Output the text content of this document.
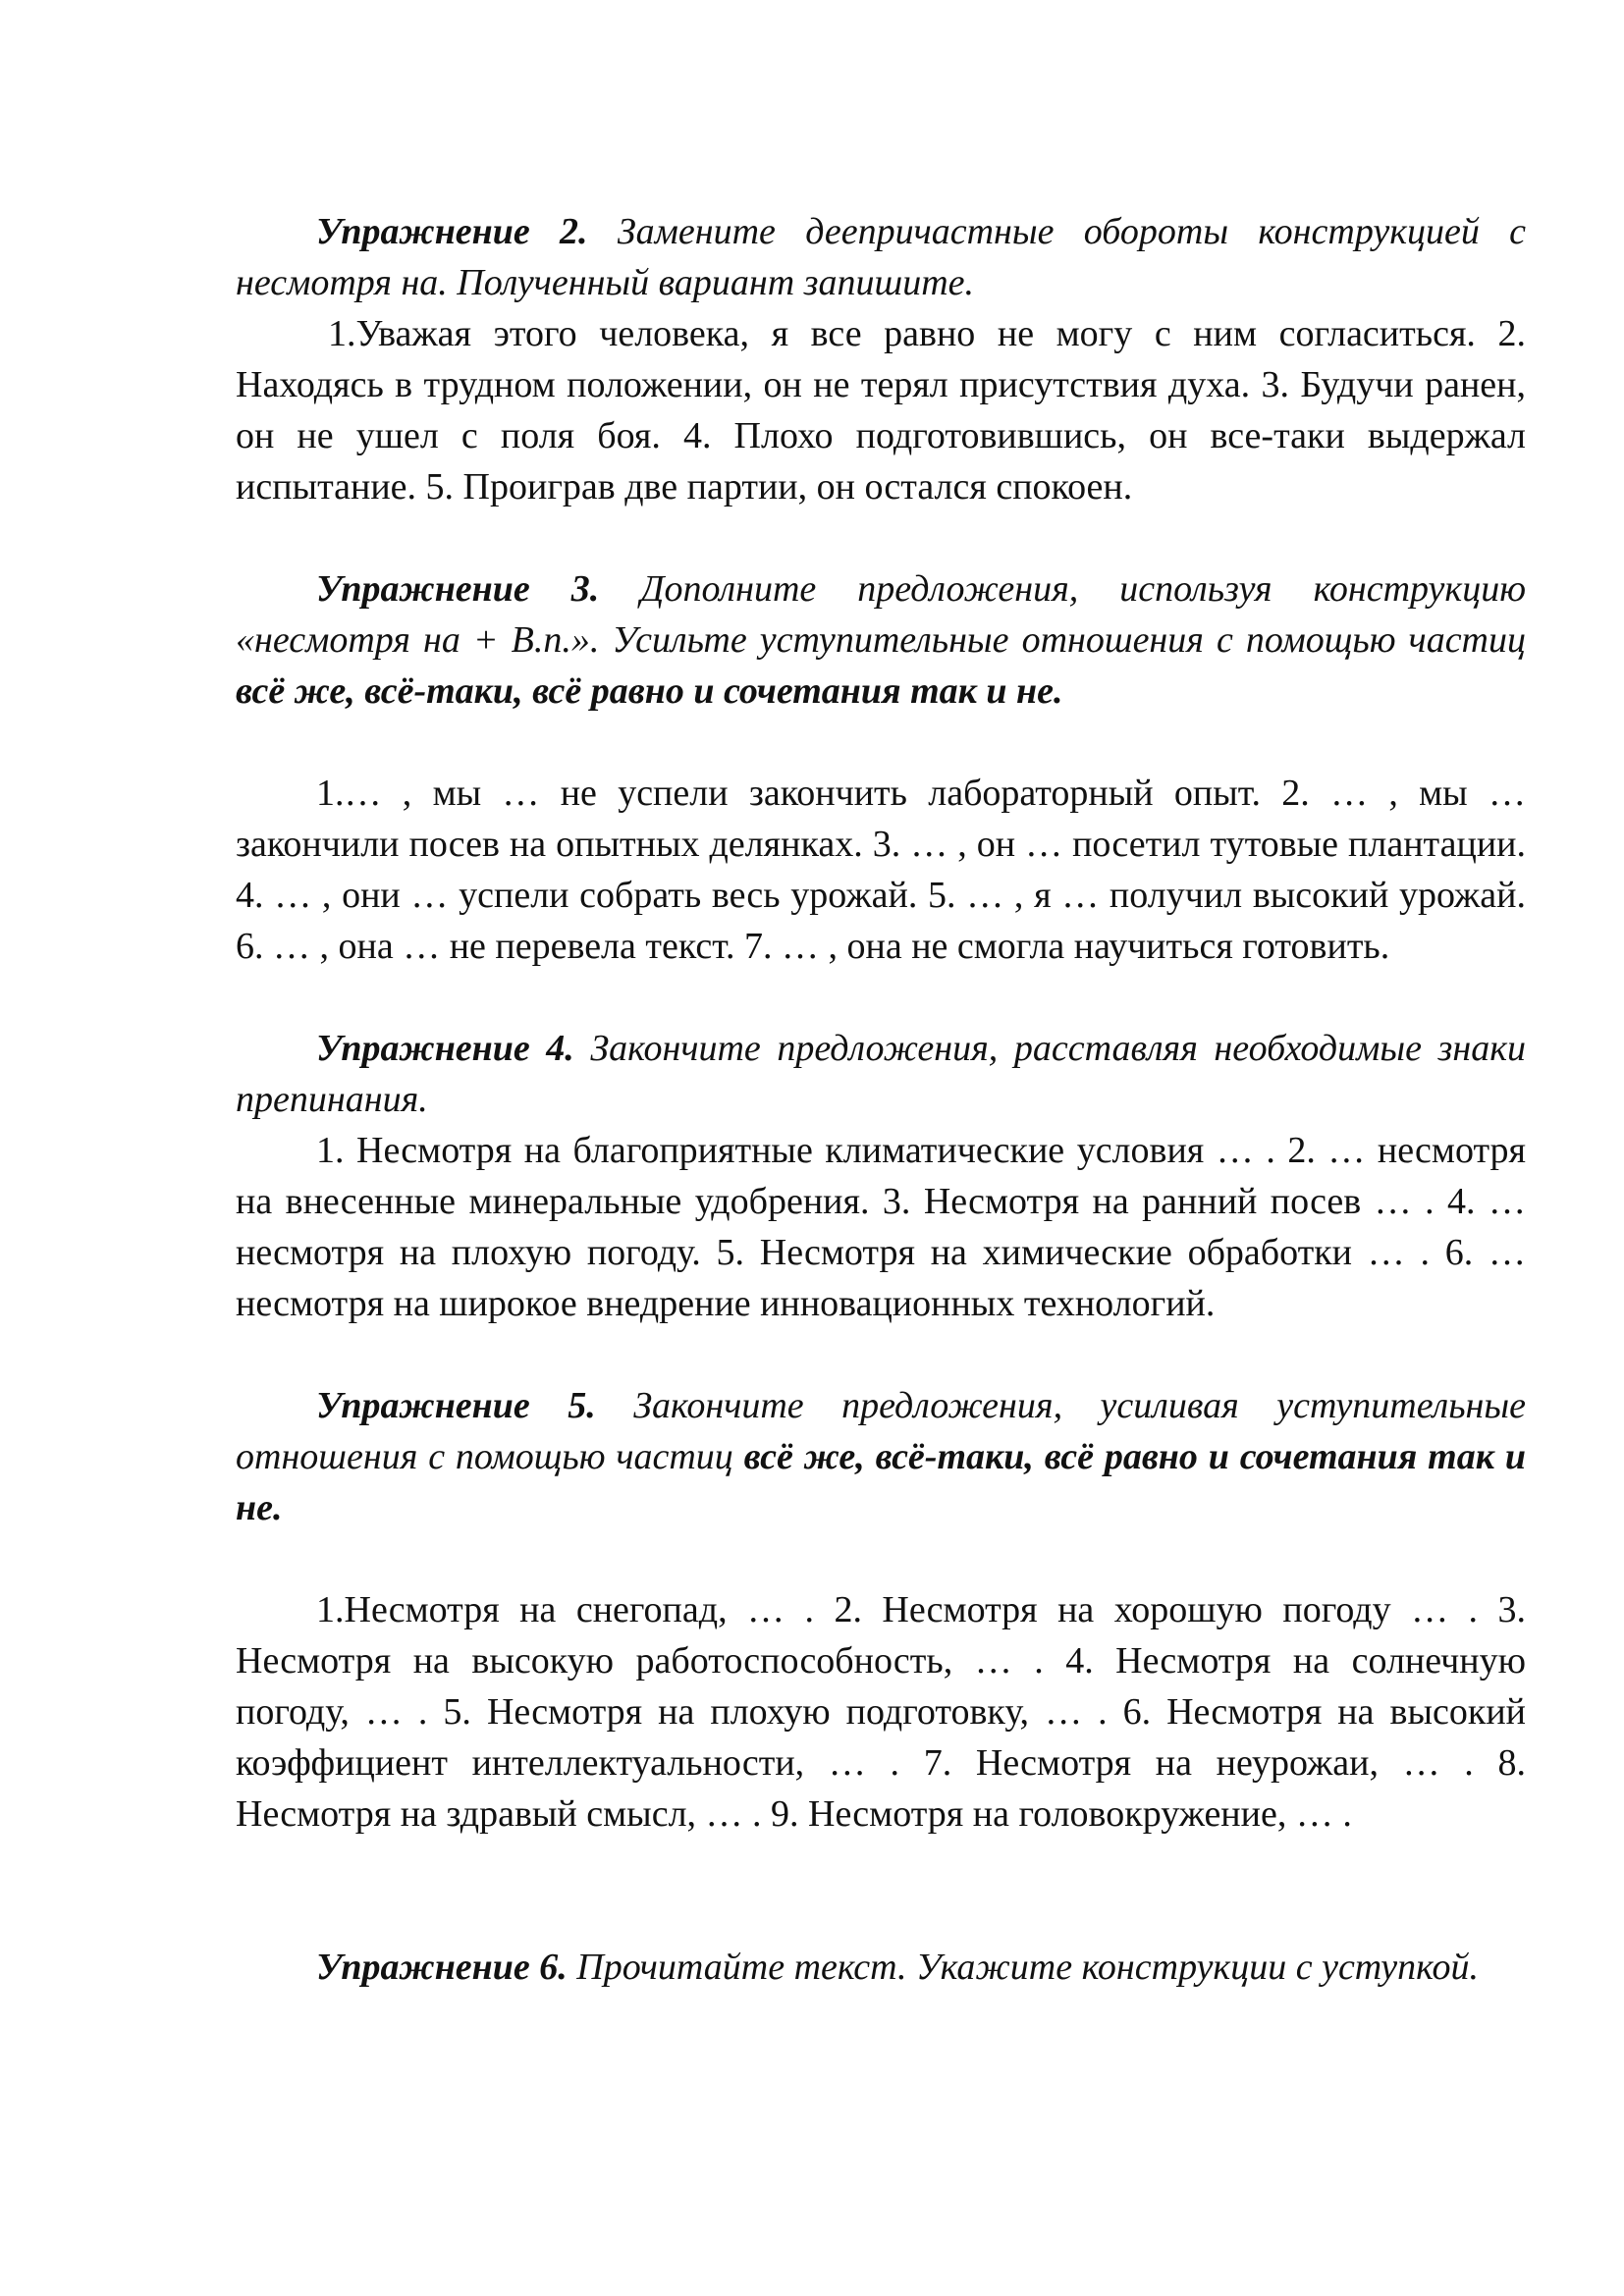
Упражнение 2. Замените деепричастные обороты конструкцией с несмотря на. Полученный вариант запишите.

1.Уважая этого человека, я все равно не могу с ним согласиться. 2. Находясь в трудном положении, он не терял присутствия духа. 3. Будучи ранен, он не ушел с поля боя. 4. Плохо подготовившись, он все-таки выдержал испытание. 5. Проиграв две партии, он остался спокоен.

Упражнение 3. Дополните предложения, используя конструкцию «несмотря на + В.п.». Усильте уступительные отношения с помощью частиц всё же, всё-таки, всё равно и сочетания так и не.

1.… , мы … не успели закончить лабораторный опыт. 2. … , мы … закончили посев на опытных делянках. 3. … , он … посетил тутовые плантации. 4. … , они … успели собрать весь урожай. 5. … , я … получил высокий урожай. 6. … , она … не перевела текст. 7. … , она не смогла научиться готовить.

Упражнение 4. Закончите предложения, расставляя необходимые знаки препинания.

1. Несмотря на благоприятные климатические условия … . 2. … несмотря на внесенные минеральные удобрения. 3. Несмотря на ранний посев … . 4. … несмотря на плохую погоду. 5. Несмотря на химические обработки … . 6. … несмотря на широкое внедрение инновационных технологий.

Упражнение 5. Закончите предложения, усиливая уступительные отношения с помощью частиц всё же, всё-таки, всё равно и сочетания так и не.

1.Несмотря на снегопад, … . 2. Несмотря на хорошую погоду … . 3. Несмотря на высокую работоспособность, … . 4. Несмотря на солнечную погоду, … . 5. Несмотря на плохую подготовку, … . 6. Несмотря на высокий коэффициент интеллектуальности, … . 7. Несмотря на неурожаи, … . 8. Несмотря на здравый смысл, … . 9. Несмотря на головокружение, … .

Упражнение 6. Прочитайте текст. Укажите конструкции с уступкой.
